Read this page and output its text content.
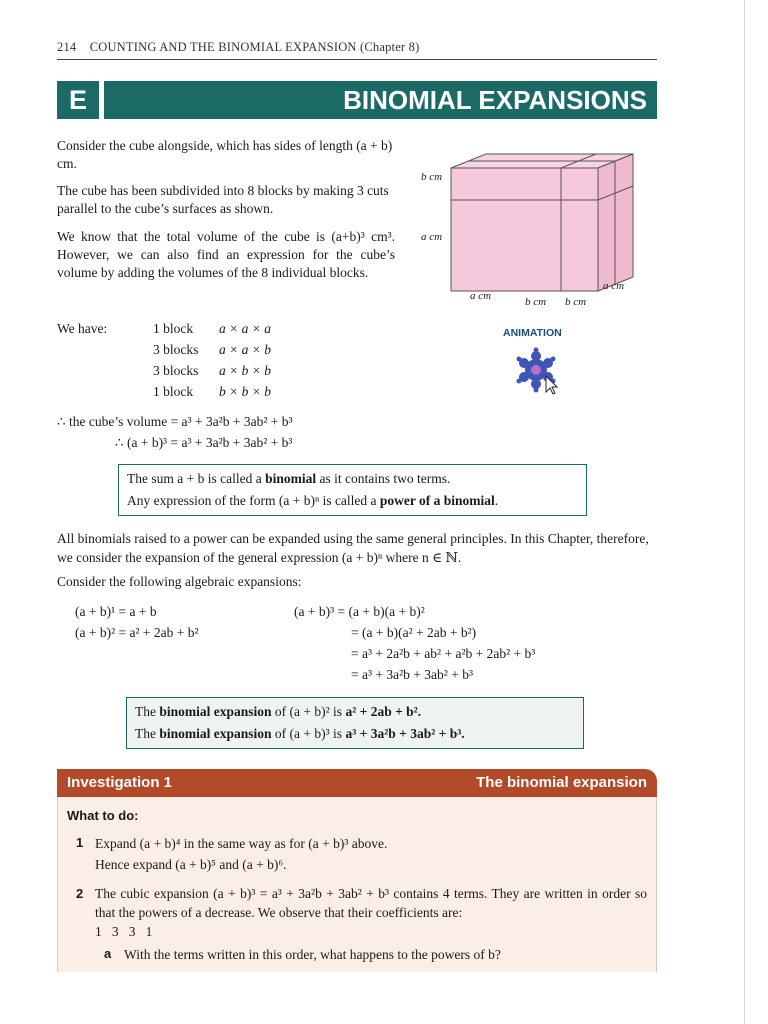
214 COUNTING AND THE BINOMIAL EXPANSION (Chapter 8)
E	BINOMIAL EXPANSIONS
Consider the cube alongside, which has sides of length (a + b) cm.
The cube has been subdivided into 8 blocks by making 3 cuts parallel to the cube’s surfaces as shown.
We know that the total volume of the cube is (a+b)³ cm³. However, we can also find an expression for the cube’s volume by adding the volumes of the 8 individual blocks.
b cm
a cm
a cm	b cm b cm
a cm
ANIMATION
We have:	1 block a × a × a
3 blocks a × a × b
3 blocks a × b × b
1 block b × b × b
∴ the cube’s volume = a³ + 3a²b + 3ab² + b³
∴ (a + b)³ = a³ + 3a²b + 3ab² + b³
The sum a + b is called a binomial as it contains two terms.
Any expression of the form (a + b)ⁿ is called a power of a binomial.
All binomials raised to a power can be expanded using the same general principles. In this Chapter, therefore, we consider the expansion of the general expression (a + b)ⁿ where n ∈ ℕ.
Consider the following algebraic expansions:
(a + b)¹ = a + b
(a + b)² = a² + 2ab + b²
(a + b)³ = (a + b)(a + b)²
= (a + b)(a² + 2ab + b²)
= a³ + 2a²b + ab² + a²b + 2ab² + b³
= a³ + 3a²b + 3ab² + b³
The binomial expansion of (a + b)² is a² + 2ab + b².
The binomial expansion of (a + b)³ is a³ + 3a²b + 3ab² + b³.
Investigation 1	The binomial expansion
What to do:
1 Expand (a + b)⁴ in the same way as for (a + b)³ above.
Hence expand (a + b)⁵ and (a + b)⁶.
2 The cubic expansion (a + b)³ = a³ + 3a²b + 3ab² + b³ contains 4 terms. They are written in order so that the powers of a decrease. We observe that their coefficients are:
1   3   3   1
a With the terms written in this order, what happens to the powers of b?
